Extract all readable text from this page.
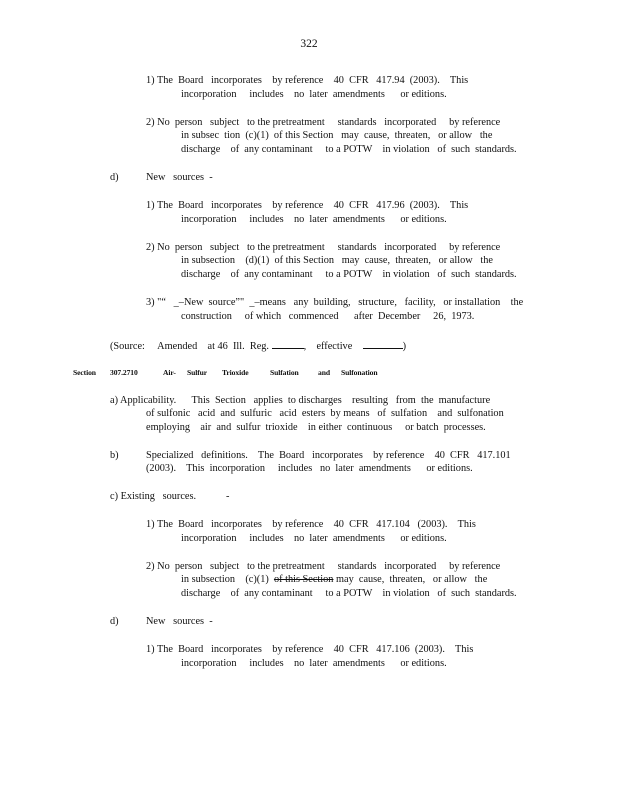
322
1) The  Board   incorporates    by reference    40  CFR   417.94  (2003).    This
incorporation     includes    no  later  amendments      or editions.
2) No  person   subject   to the pretreatment     standards   incorporated     by reference
in subsec  tion  (c)(1)  of this Section   may  cause,  threaten,   or allow   the
discharge    of  any contaminant     to a POTW    in violation   of  such  standards.
d)	New   sources  -
1) The  Board   incorporates    by reference    40  CFR   417.96  (2003).    This
incorporation     includes    no  later  amendments      or editions.
2) No  person   subject   to the pretreatment     standards   incorporated     by reference
in subsection    (d)(1)  of this Section   may  cause,  threaten,   or allow   the
discharge    of  any contaminant     to a POTW    in violation   of  such  standards.
3) "“   _–New  source”"  _–means   any  building,   structure,   facility,   or installation    the
construction     of which   commenced      after  December     26,  1973.
(Source:     Amended    at 46  Ill.  Reg.	,    effective	)
Section 307.2710	Air- Sulfur Trioxide	Sulfation	and Sulfonation
a) Applicability.      This  Section   applies  to discharges    resulting   from  the  manufacture
of sulfonic   acid  and  sulfuric   acid  esters  by means   of  sulfation    and  sulfonation
employing    air  and  sulfur  trioxide    in either  continuous     or batch  processes.
b)	Specialized   definitions.    The  Board   incorporates    by reference    40  CFR   417.101
(2003).    This  incorporation     includes   no  later  amendments      or editions.
c) Existing   sources.	-
1) The  Board   incorporates    by reference    40  CFR   417.104   (2003).    This
incorporation     includes    no  later  amendments      or editions.
2) No  person   subject   to the pretreatment     standards   incorporated     by reference
in subsection    (c)(1)  of this Section may  cause,  threaten,   or allow   the
discharge    of  any contaminant     to a POTW    in violation   of  such  standards.
d)	New   sources  -
1) The  Board   incorporates    by reference    40  CFR   417.106  (2003).    This
incorporation     includes    no  later  amendments      or editions.
